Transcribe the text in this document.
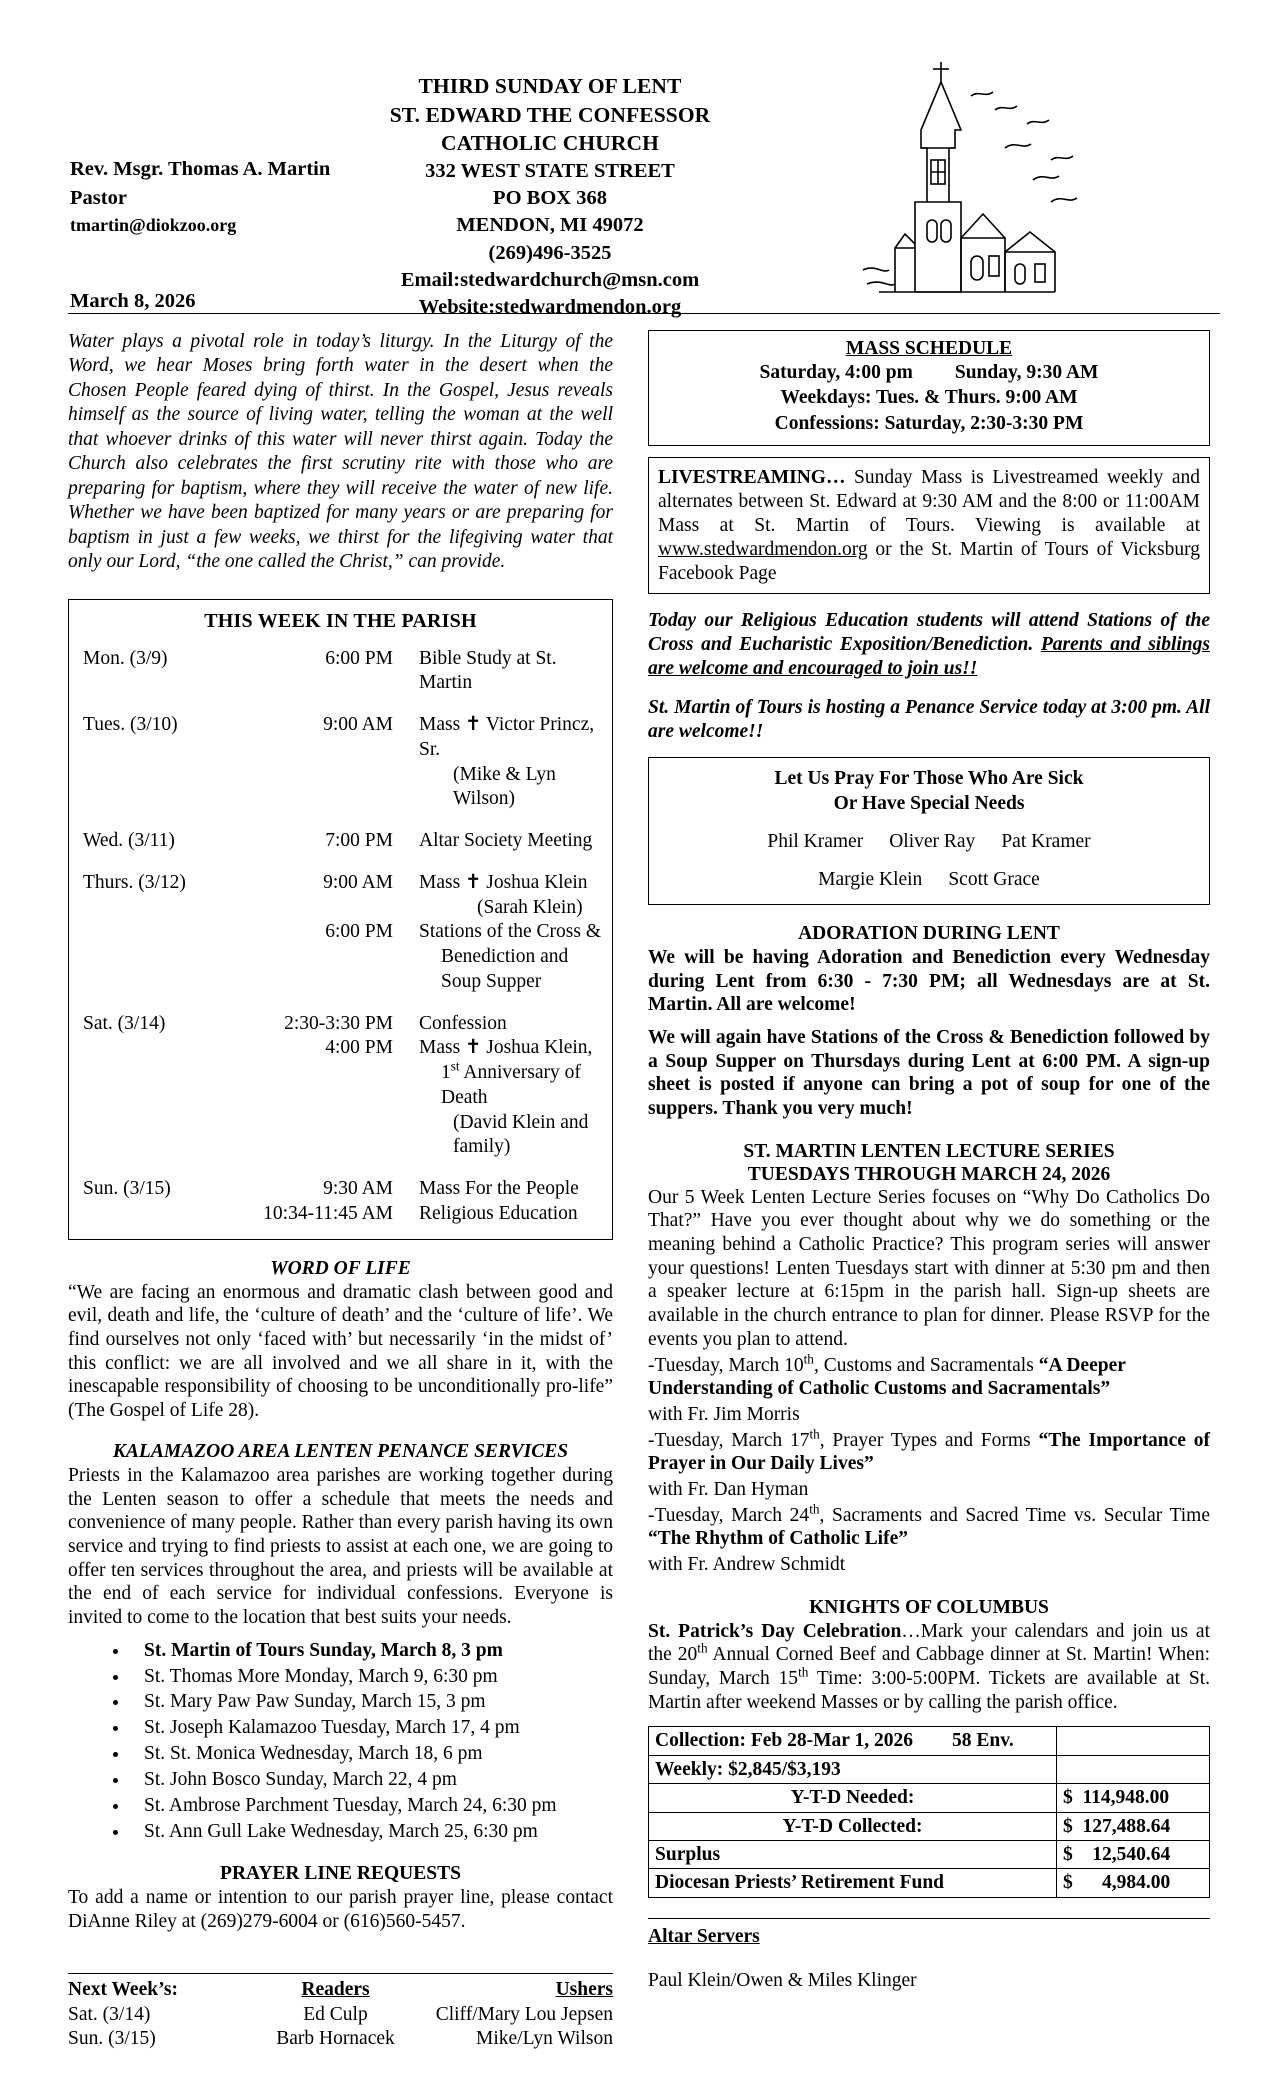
Rev. Msgr. Thomas A. Martin
Pastor
tmartin@diokzoo.org
March 8, 2026
THIRD SUNDAY OF LENT
ST. EDWARD THE CONFESSOR
CATHOLIC CHURCH
332 WEST STATE STREET
PO BOX 368
MENDON, MI 49072
(269)496-3525
Email:stedwardchurch@msn.com
Website:stedwardmendon.org

Water plays a pivotal role in today’s liturgy. In the Liturgy of the Word, we hear Moses bring forth water in the desert when the Chosen People feared dying of thirst. In the Gospel, Jesus reveals himself as the source of living water, telling the woman at the well that whoever drinks of this water will never thirst again. Today the Church also celebrates the first scrutiny rite with those who are preparing for baptism, where they will receive the water of new life. Whether we have been baptized for many years or are preparing for baptism in just a few weeks, we thirst for the lifegiving water that only our Lord, “the one called the Christ,” can provide.

THIS WEEK IN THE PARISH
Mon. (3/9)	6:00 PM	Bible Study at St. Martin

Tues. (3/10)	9:00 AM	Mass ✝ Victor Princz, Sr.
(Mike & Lyn Wilson)

Wed. (3/11)	7:00 PM	Altar Society Meeting

Thurs. (3/12)	9:00 AM	Mass ✝ Joshua Klein
(Sarah Klein)

	6:00 PM	Stations of the Cross &
Benediction and Soup Supper

Sat. (3/14)	2:30-3:30 PM	Confession
	4:00 PM	Mass ✝ Joshua Klein,
1st Anniversary of Death
(David Klein and family)

Sun. (3/15)	9:30 AM	Mass For the People
	10:34-11:45 AM	Religious Education
WORD OF LIFE

“We are facing an enormous and dramatic clash between good and evil, death and life, the ‘culture of death’ and the ‘culture of life’. We find ourselves not only ‘faced with’ but necessarily ‘in the midst of’ this conflict: we are all involved and we all share in it, with the inescapable responsibility of choosing to be unconditionally pro-life” (The Gospel of Life 28).

KALAMAZOO AREA LENTEN PENANCE SERVICES

Priests in the Kalamazoo area parishes are working together during the Lenten season to offer a schedule that meets the needs and convenience of many people. Rather than every parish having its own service and trying to find priests to assist at each one, we are going to offer ten services throughout the area, and priests will be available at the end of each service for individual confessions. Everyone is invited to come to the location that best suits your needs.

• St. Martin of Tours Sunday, March 8, 3 pm
• St. Thomas More Monday, March 9, 6:30 pm
• St. Mary Paw Paw Sunday, March 15, 3 pm
• St. Joseph Kalamazoo Tuesday, March 17, 4 pm
• St. St. Monica Wednesday, March 18, 6 pm
• St. John Bosco Sunday, March 22, 4 pm
• St. Ambrose Parchment Tuesday, March 24, 6:30 pm
• St. Ann Gull Lake Wednesday, March 25, 6:30 pm
PRAYER LINE REQUESTS

To add a name or intention to our parish prayer line, please contact DiAnne Riley at (269)279-6004 or (616)560-5457.

Next Week’s:	Readers	Ushers
Sat. (3/14)	Ed Culp	Cliff/Mary Lou Jepsen
Sun. (3/15)	Barb Hornacek	Mike/Lyn Wilson
MASS SCHEDULE
Saturday, 4:00 pm Sunday, 9:30 AM
Weekdays: Tues. & Thurs. 9:00 AM
Confessions: Saturday, 2:30-3:30 PM

LIVESTREAMING… Sunday Mass is Livestreamed weekly and alternates between St. Edward at 9:30 AM and the 8:00 or 11:00AM Mass at St. Martin of Tours. Viewing is available at www.stedwardmendon.org or the St. Martin of Tours of Vicksburg Facebook Page

Today our Religious Education students will attend Stations of the Cross and Eucharistic Exposition/Benediction. Parents and siblings are welcome and encouraged to join us!!

St. Martin of Tours is hosting a Penance Service today at 3:00 pm. All are welcome!!

Let Us Pray For Those Who Are Sick
Or Have Special Needs
Phil Kramer Oliver Ray Pat Kramer
Margie Klein Scott Grace
ADORATION DURING LENT

We will be having Adoration and Benediction every Wednesday during Lent from 6:30 - 7:30 PM; all Wednesdays are at St. Martin. All are welcome!

We will again have Stations of the Cross & Benediction followed by a Soup Supper on Thursdays during Lent at 6:00 PM. A sign-up sheet is posted if anyone can bring a pot of soup for one of the suppers. Thank you very much!

ST. MARTIN LENTEN LECTURE SERIES
TUESDAYS THROUGH MARCH 24, 2026

Our 5 Week Lenten Lecture Series focuses on “Why Do Catholics Do That?” Have you ever thought about why we do something or the meaning behind a Catholic Practice? This program series will answer your questions! Lenten Tuesdays start with dinner at 5:30 pm and then a speaker lecture at 6:15pm in the parish hall. Sign-up sheets are available in the church entrance to plan for dinner. Please RSVP for the events you plan to attend.

-Tuesday, March 10th, Customs and Sacramentals “A Deeper Understanding of Catholic Customs and Sacramentals”

with Fr. Jim Morris

-Tuesday, March 17th, Prayer Types and Forms “The Importance of Prayer in Our Daily Lives”

with Fr. Dan Hyman

-Tuesday, March 24th, Sacraments and Sacred Time vs. Secular Time “The Rhythm of Catholic Life”

with Fr. Andrew Schmidt

KNIGHTS OF COLUMBUS

St. Patrick’s Day Celebration…Mark your calendars and join us at the 20th Annual Corned Beef and Cabbage dinner at St. Martin! When: Sunday, March 15th Time: 3:00-5:00PM. Tickets are available at St. Martin after weekend Masses or by calling the parish office.

Collection: Feb 28-Mar 1, 2026 58 Env.	
Weekly: $2,845/$3,193	
Y-T-D Needed:	$  114,948.00
Y-T-D Collected:	$  127,488.64
Surplus	$    12,540.64
Diocesan Priests’ Retirement Fund	$      4,984.00
Altar Servers
Paul Klein/Owen & Miles Klinger
